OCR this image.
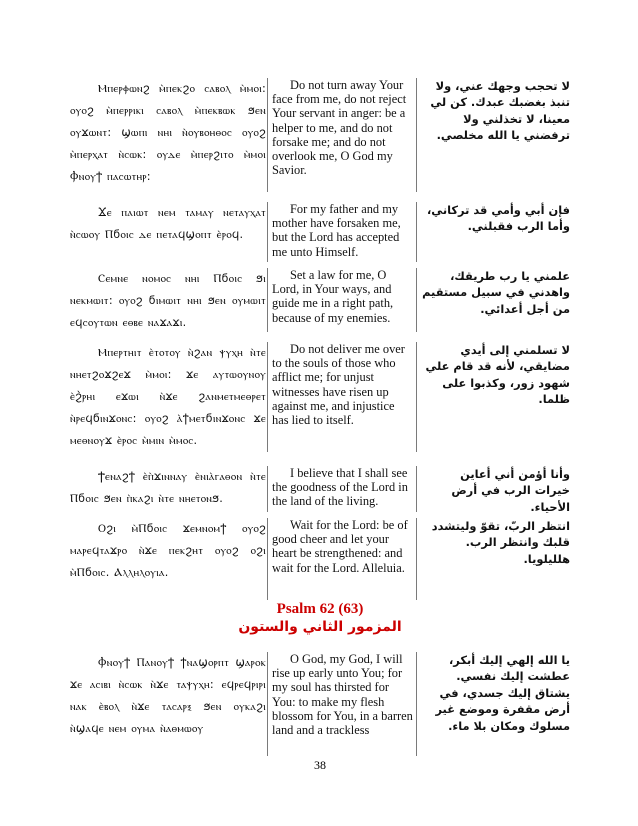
Ⲙⲡⲉⲣⲫⲱⲛϩ ⲙ̀ⲡⲉⲕϩⲟ ⲥⲁⲃⲟⲗ ⲙ̀ⲙⲟⲓ: ⲟⲩⲟϩ ⲙ̀ⲡⲉⲣⲣⲓⲕⲓ ⲥⲁⲃⲟⲗ ⲙ̀ⲡⲉⲕⲃⲱⲕ ϧⲉⲛ ⲟⲩϫⲱⲛⲧ: ϣⲱⲡⲓ ⲛⲏⲓ ⲛ̀ⲟⲩⲃⲟⲏⲑⲟⲥ ⲟⲩⲟϩ ⲙ̀ⲡⲉⲣⲭⲁⲧ ⲛ̀ⲥⲱⲕ: ⲟⲩⲇⲉ ⲙ̀ⲡⲉⲣϩⲓⲧⲟ ⲙ̀ⲙⲟⲓ Ⲫⲛⲟⲩϯ ⲡⲁⲥⲱⲧⲏⲣ:
Do not turn away Your face from me, do not reject Your servant in anger: be a helper to me, and do not forsake me; and do not overlook me, O God my Savior.
لا تحجب وجهك عني، ولا تنبذ بغضبك عبدك. كن لي معينا، لا تخذلني ولا ترفضني يا الله مخلصي.
Ϫⲉ ⲡⲁⲓⲱⲧ ⲛⲉⲙ ⲧⲁⲙⲁⲩ ⲛⲉⲧⲁⲩⲭⲁⲧ ⲛ̀ⲥⲱⲟⲩ Ⲡϭⲟⲓⲥ ⲇⲉ ⲡⲉⲧⲁϥϣⲟⲡⲧ ⲉ̀ⲣⲟϥ.
For my father and my mother have forsaken me, but the Lord has accepted me unto Himself.
فإن أبي وأمي قد تركاني، وأما الرب فقبلني.
Ⲥⲉⲙⲛⲉ ⲛⲟⲙⲟⲥ ⲛⲏⲓ Ⲡϭⲟⲓⲥ ϧⲓ ⲛⲉⲕⲙⲱⲓⲧ: ⲟⲩⲟϩ ϭⲓⲙⲱⲓⲧ ⲛⲏⲓ ϧⲉⲛ ⲟⲩⲙⲱⲓⲧ ⲉϥⲥⲟⲩⲧⲱⲛ ⲉⲑⲃⲉ ⲛⲁϫⲁϫⲓ.
Set a law for me, O Lord, in Your ways, and guide me in a right path, because of my enemies.
علمني يا رب طريقك، واهدني في سبيل مستقيم من أجل أعدائي.
Ⲙⲡⲉⲣⲧⲏⲓⲧ ⲉ̀ⲧⲟⲧⲟⲩ ⲛ̀ϩⲁⲛ ⲯⲩⲭⲏ ⲛ̀ⲧⲉ ⲛⲏⲉⲧϩⲟϫϩⲉϫ ⲙ̀ⲙⲟⲓ: ϫⲉ ⲁⲩⲧⲱⲟⲩⲛⲟⲩ ⲉ̀ϩ̀ⲣⲏⲓ ⲉϫⲱⲓ ⲛ̀ϫⲉ ϩⲁⲛⲙⲉⲧⲙⲉⲑⲣⲉⲧ ⲛ̀ⲣⲉϥϭⲓⲛϫⲟⲛⲥ: ⲟⲩⲟϩ ⲁ̀ϯⲙⲉⲧϭⲓⲛϫⲟⲛⲥ ϫⲉ ⲙⲉⲑⲛⲟⲩϫ ⲉ̀ⲣⲟⲥ ⲙ̀ⲙⲓⲛ ⲙ̀ⲙⲟⲥ.
Do not deliver me over to the souls of those who afflict me; for unjust witnesses have risen up against me, and injustice has lied to itself.
لا تسلمني إلى أيدي مضايقي، لأنه قد قام علي شهود زور، وكذبوا على ظلما.
Ϯⲉⲛⲁϩϯ ⲉ̀ⲡ̀ϫⲓⲛⲛⲁⲩ ⲉ̀ⲛⲓⲁ̀ⲅⲁⲑⲟⲛ ⲛ̀ⲧⲉ Ⲡϭⲟⲓⲥ ϧⲉⲛ ⲡ̀ⲕⲁϩⲓ ⲛ̀ⲧⲉ ⲛⲏⲉⲧⲟⲛϧ.
I believe that I shall see the goodness of the Lord in the land of the living.
وأنا أؤمن أني أعاين خيرات الرب في أرض الأحياء.
Ⲟϩⲓ ⲙ̀Ⲡϭⲟⲓⲥ ϫⲉⲙⲛⲟⲙϯ ⲟⲩⲟϩ ⲙⲁⲣⲉϥⲧⲁϫⲣⲟ ⲛ̀ϫⲉ ⲡⲉⲕϩⲏⲧ ⲟⲩⲟϩ ⲟϩⲓ ⲙ̀Ⲡϭⲟⲓⲥ. Ⲁⲗⲗⲏⲗⲟⲩⲓⲁ.
Wait for the Lord: be of good cheer and let your heart be strengthened: and wait for the Lord. Alleluia.
انتظر الربّ، تقوّ وليتشدد قلبك وانتظر الرب. هلليلويا.
Psalm 62 (63)
المزمور الثاني والستون
Ⲫⲛⲟⲩϯ Ⲡⲁⲛⲟⲩϯ ϯⲛⲁϣⲟⲣⲡⲧ ϣⲁⲣⲟⲕ ϫⲉ ⲁⲥⲓⲃⲓ ⲛ̀ⲥⲱⲕ ⲛ̀ϫⲉ ⲧⲁⲯⲩⲭⲏ: ⲉϥⲣⲉϥⲣⲓⲣⲓ ⲛⲁⲕ ⲉ̀ⲃⲟⲗ ⲛ̀ϫⲉ ⲧⲁⲥⲁⲣⲝ ϧⲉⲛ ⲟⲩⲕⲁϩⲓ ⲛ̀ϣⲁϥⲉ ⲛⲉⲙ ⲟⲩⲙⲁ ⲛ̀ⲁⲑⲙⲱⲟⲩ
O God, my God, I will rise up early unto You; for my soul has thirsted for You: to make my flesh blossom for You, in a barren land and a trackless
يا الله إلهي إليك أبكر، عطشت إليك نفسي. يشتاق إليك جسدي، في أرض مقفرة وموضع غير مسلوك ومكان بلا ماء.
38
